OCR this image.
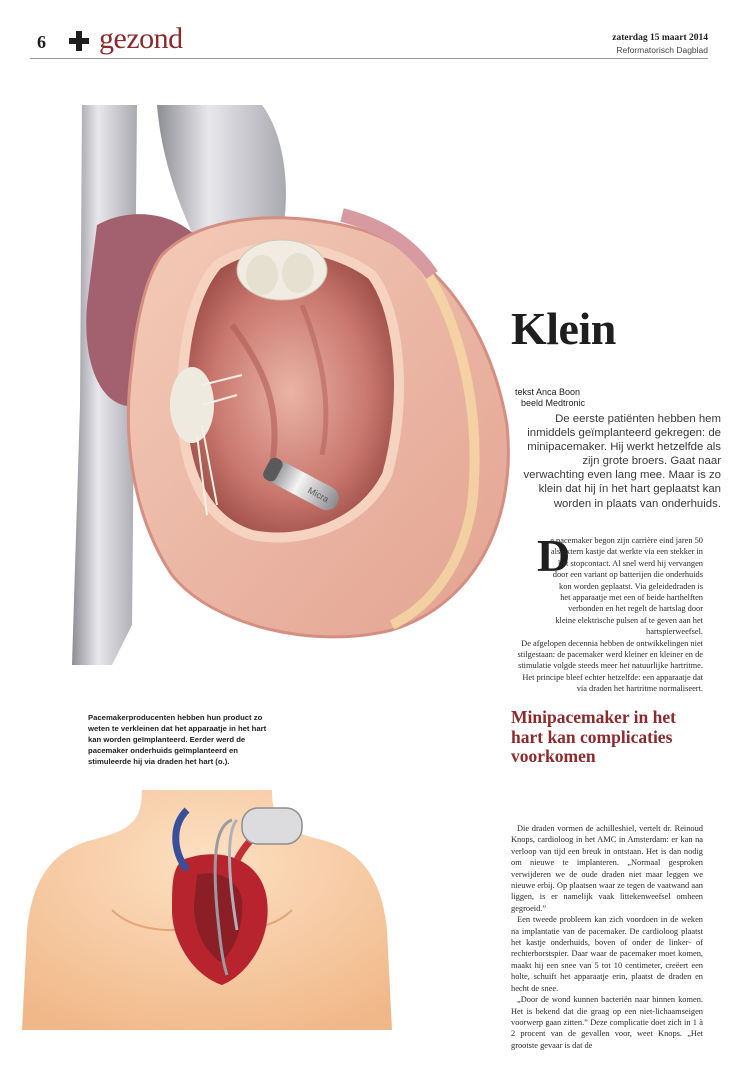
6 gezond	zaterdag 15 maart 2014
Reformatorisch Dagblad
Micra
Klein
tekst Anca Boon
beeld Medtronic
De eerste patiënten hebben hem inmiddels geïmplanteerd gekregen: de minipacemaker. Hij werkt hetzelfde als zijn grote broers. Gaat naar verwachting even lang mee. Maar is zo klein dat hij ín het hart geplaatst kan worden in plaats van onderhuids.
D
e pacemaker begon zijn carrière eind jaren 50 als extern kastje dat werkte via een stekker in het stopcontact. Al snel werd hij vervangen door een variant op batterijen die onderhuids kon worden geplaatst. Via geleidedraden is het apparaatje met een of beide harthelften verbonden en het regelt de hartslag door kleine elektrische pulsen af te geven aan het hartspierweefsel.
De afgelopen decennia hebben de ontwikkelingen niet stilgestaan: de pacemaker werd kleiner en kleiner en de stimulatie volgde steeds meer het natuurlijke hartritme. Het principe bleef echter hetzelfde: een apparaatje dat via draden het hartritme normaliseert.
Minipacemaker in het hart kan complicaties voorkomen
Die draden vormen de achilleshiel, vertelt dr. Reinoud Knops, cardioloog in het AMC in Amsterdam: er kan na verloop van tijd een breuk in ontstaan. Het is dan nodig om nieuwe te implanteren. „Normaal gesproken verwijderen we de oude draden niet maar leggen we nieuwe erbij. Op plaatsen waar ze tegen de vaatwand aan liggen, is er namelijk vaak littekenweefsel omheen gegroeid.”
Een tweede probleem kan zich voordoen in de weken na implantatie van de pacemaker. De cardioloog plaatst het kastje onderhuids, boven of onder de linker- of rechterborstspier. Daar waar de pacemaker moet komen, maakt hij een snee van 5 tot 10 centimeter, creëert een holte, schuift het apparaatje erin, plaatst de draden en hecht de snee.
„Door de wond kunnen bacteriën naar binnen komen. Het is bekend dat die graag op een niet-lichaamseigen voorwerp gaan zitten.” Deze complicatie doet zich in 1 à 2 procent van de gevallen voor, weet Knops. „Het grootste gevaar is dat de
Pacemakerproducenten hebben hun product zo weten te verkleinen dat het apparaatje in het hart kan worden geïmplanteerd. Eerder werd de pacemaker onderhuids geïmplanteerd en stimuleerde hij via draden het hart (o.).
